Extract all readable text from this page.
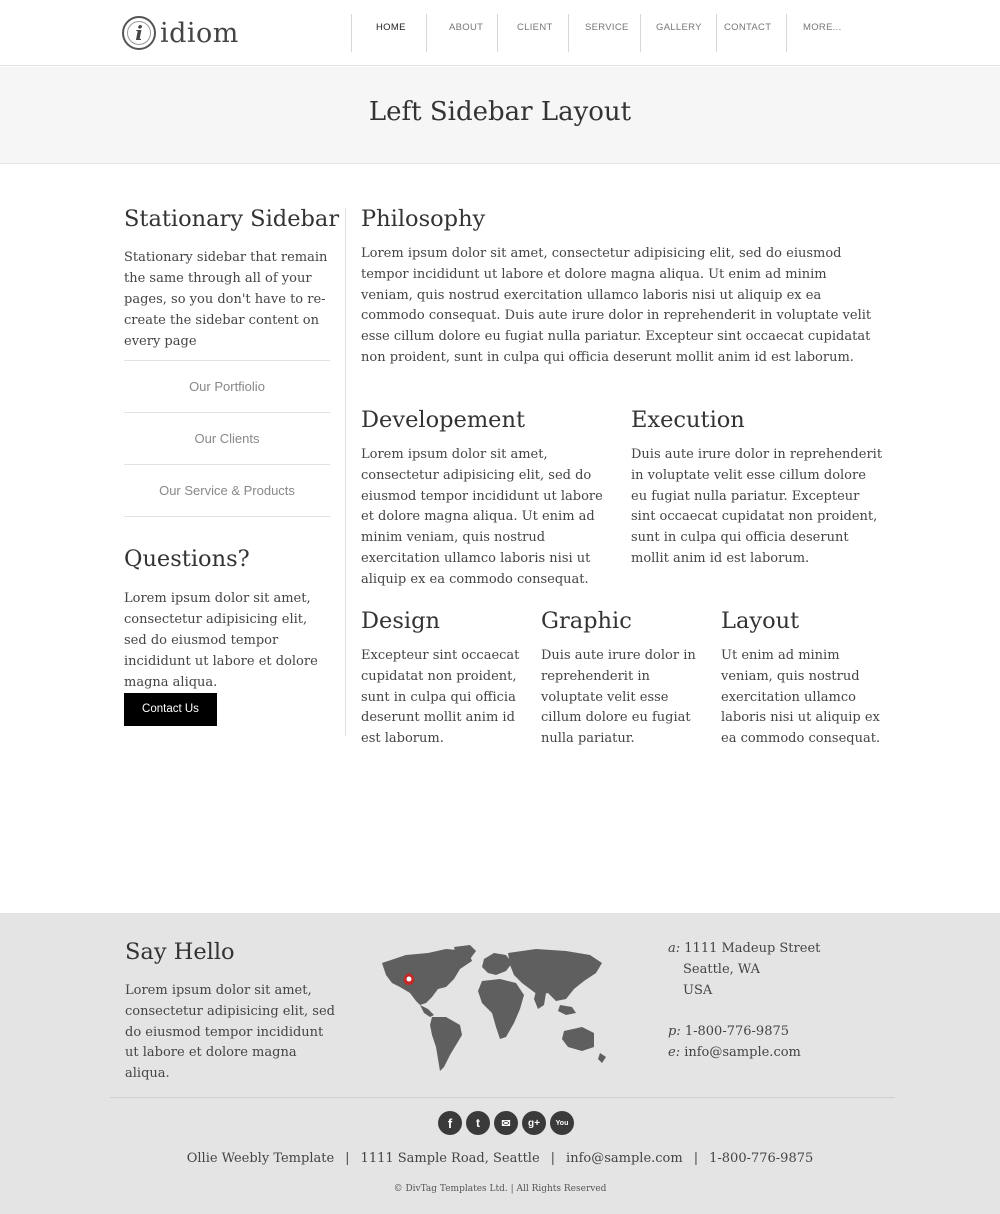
i idiom	HOME	ABOUT	CLIENT	SERVICE	GALLERY CONTACT	MORE...
Left Sidebar Layout
Stationary Sidebar

Stationary sidebar that remain the same through all of your pages, so you don't have to re-create the sidebar content on every page

Our Portfiolio
Our Clients
Our Service & Products
Questions?

Lorem ipsum dolor sit amet, consectetur adipisicing elit, sed do eiusmod tempor incididunt ut labore et dolore magna aliqua.

Contact Us
Philosophy

Lorem ipsum dolor sit amet, consectetur adipisicing elit, sed do eiusmod tempor incididunt ut labore et dolore magna aliqua. Ut enim ad minim veniam, quis nostrud exercitation ullamco laboris nisi ut aliquip ex ea commodo consequat. Duis aute irure dolor in reprehenderit in voluptate velit esse cillum dolore eu fugiat nulla pariatur. Excepteur sint occaecat cupidatat non proident, sunt in culpa qui officia deserunt mollit anim id est laborum.

Developement

Lorem ipsum dolor sit amet, consectetur adipisicing elit, sed do eiusmod tempor incididunt ut labore et dolore magna aliqua. Ut enim ad minim veniam, quis nostrud exercitation ullamco laboris nisi ut aliquip ex ea commodo consequat.

Execution

Duis aute irure dolor in reprehenderit in voluptate velit esse cillum dolore eu fugiat nulla pariatur. Excepteur sint occaecat cupidatat non proident, sunt in culpa qui officia deserunt mollit anim id est laborum.

Design

Excepteur sint occaecat cupidatat non proident, sunt in culpa qui officia deserunt mollit anim id est laborum.

Graphic

Duis aute irure dolor in reprehenderit in voluptate velit esse cillum dolore eu fugiat nulla pariatur.

Layout

Ut enim ad minim veniam, quis nostrud exercitation ullamco laboris nisi ut aliquip ex ea commodo consequat.

Say Hello

Lorem ipsum dolor sit amet, consectetur adipisicing elit, sed do eiusmod tempor incididunt ut labore et dolore magna aliqua.

a: 1111 Madeup Street
Seattle, WA
USA
p: 1-800-776-9875
e: info@sample.com
f	t	✉	g+	You
Ollie Weebly Template | 1111 Sample Road, Seattle | info@sample.com | 1-800-776-9875
© DivTag Templates Ltd. | All Rights Reserved
